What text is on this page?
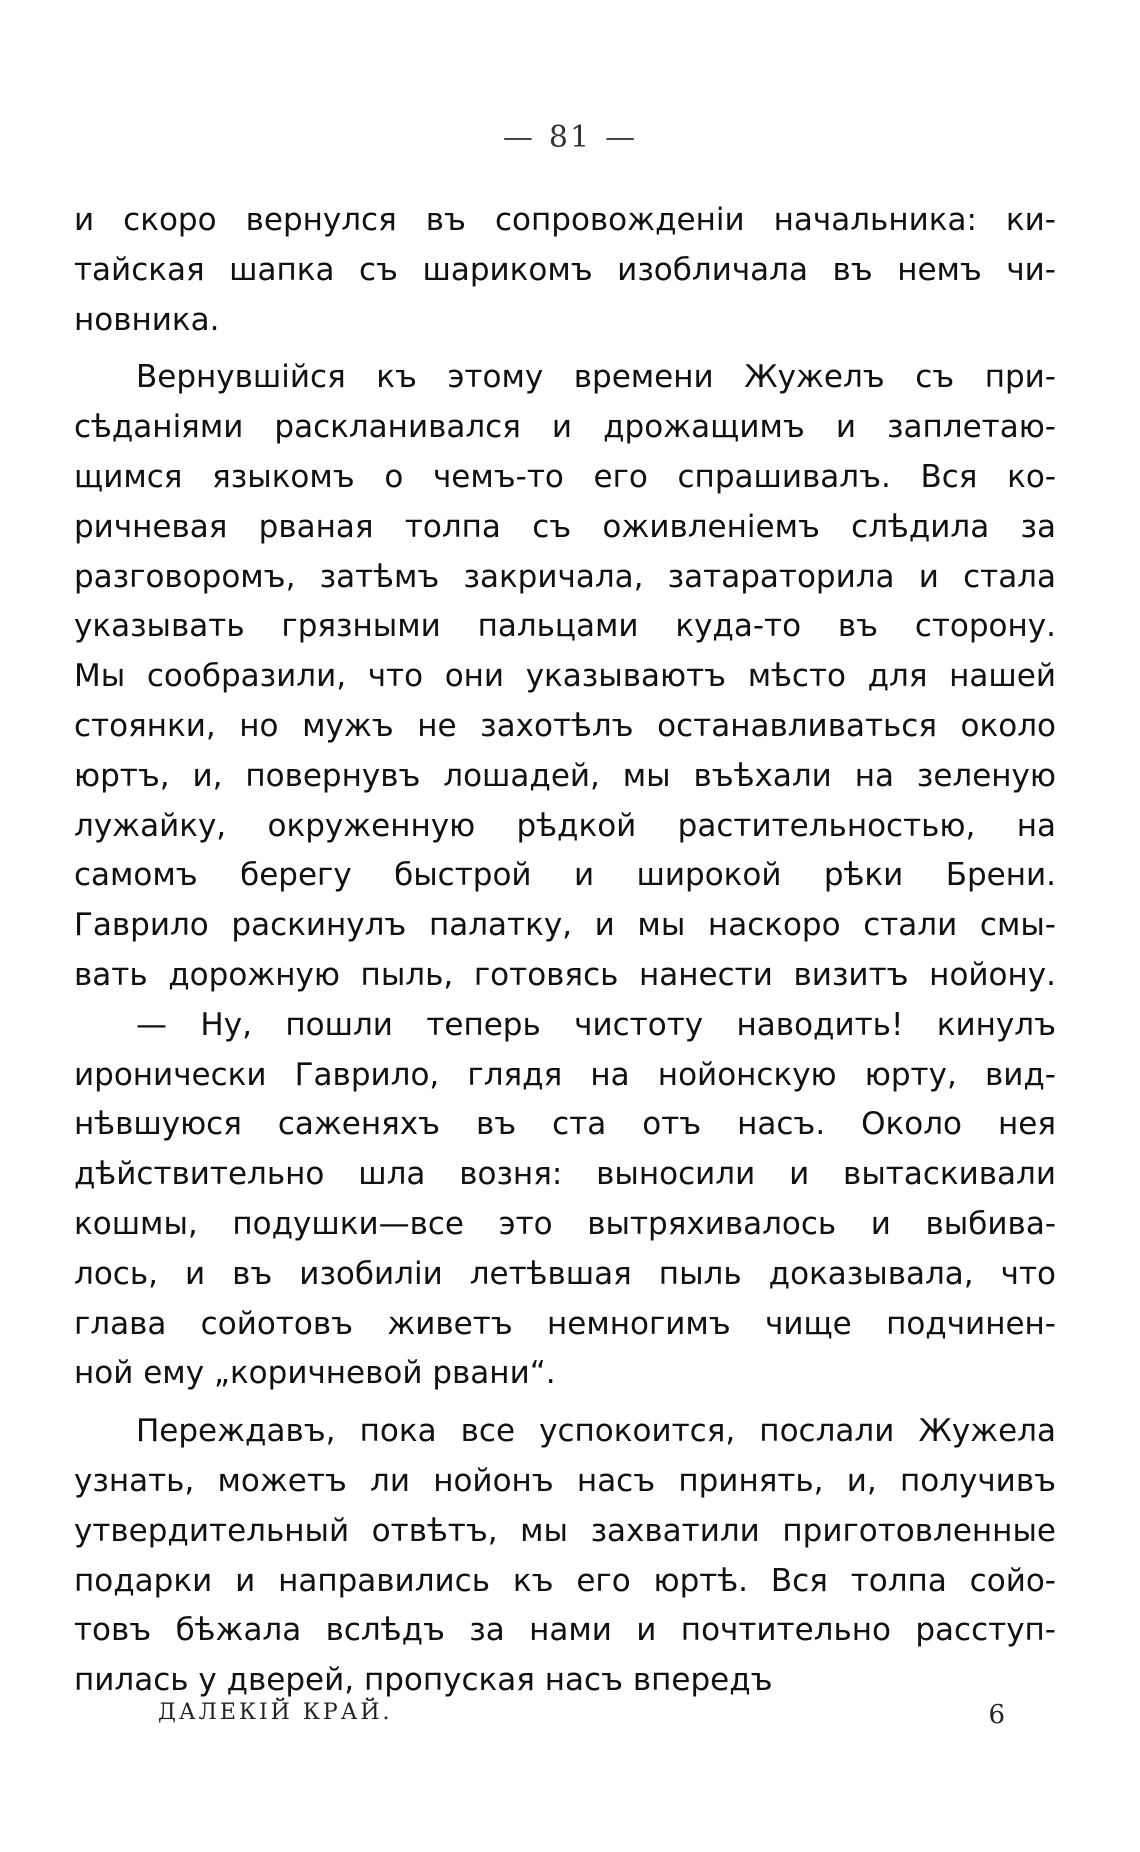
— 81 —
и скоро вернулся въ сопровожденіи начальника: ки-
тайская шапка съ шарикомъ изобличала въ немъ чи-
новника.
Вернувшійся къ этому времени Жужелъ съ при-
сѣданіями раскланивался и дрожащимъ и заплетаю-
щимся языкомъ о чемъ-то его спрашивалъ. Вся ко-
ричневая рваная толпа съ оживленіемъ слѣдила за
разговоромъ, затѣмъ закричала, затараторила и стала
указывать грязными пальцами куда-то въ сторону.
Мы сообразили, что они указываютъ мѣсто для нашей
стоянки, но мужъ не захотѣлъ останавливаться около
юртъ, и, повернувъ лошадей, мы въѣхали на зеленую
лужайку, окруженную рѣдкой растительностью, на
самомъ берегу быстрой и широкой рѣки Брени.
Гаврило раскинулъ палатку, и мы наскоро стали смы-
вать дорожную пыль, готовясь нанести визитъ нойону.
— Ну, пошли теперь чистоту наводить! кинулъ
иронически Гаврило, глядя на нойонскую юрту, вид-
нѣвшуюся саженяхъ въ ста отъ насъ. Около нея
дѣйствительно шла возня: выносили и вытаскивали
кошмы, подушки—все это вытряхивалось и выбива-
лось, и въ изобиліи летѣвшая пыль доказывала, что
глава сойотовъ живетъ немногимъ чище подчинен-
ной ему „коричневой рвани“.
Переждавъ, пока все успокоится, послали Жужела
узнать, можетъ ли нойонъ насъ принять, и, получивъ
утвердительный отвѣтъ, мы захватили приготовленные
подарки и направились къ его юртѣ. Вся толпа сойо-
товъ бѣжала вслѣдъ за нами и почтительно расступ-
пилась у дверей, пропуская насъ впередъ
ДАЛЕКІЙ КРАЙ.	6
